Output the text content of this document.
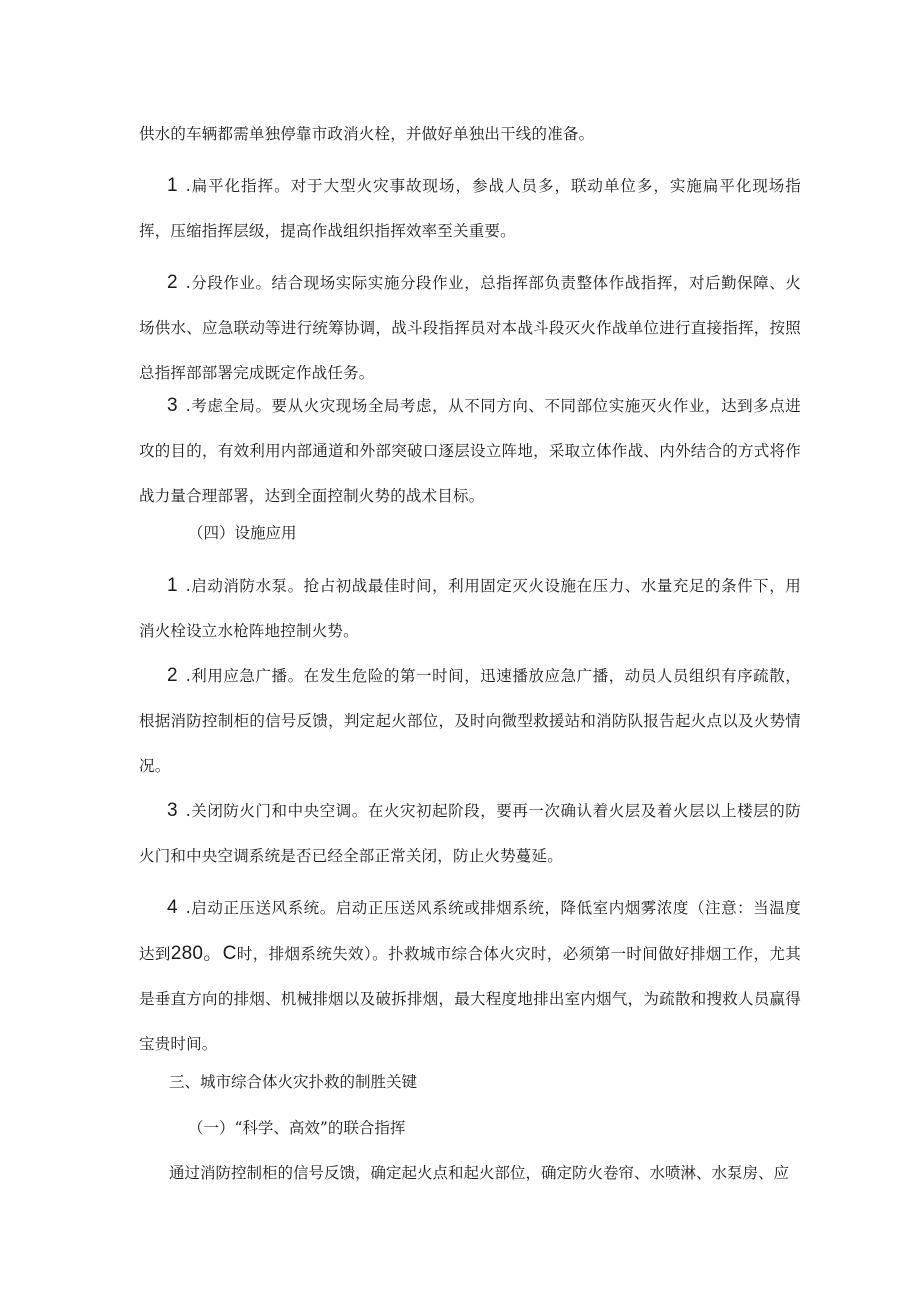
供水的车辆都需单独停靠市政消火栓，并做好单独出干线的准备。

1 .扁平化指挥。对于大型火灾事故现场，参战人员多，联动单位多，实施扁平化现场指挥，压缩指挥层级，提高作战组织指挥效率至关重要。

2 .分段作业。结合现场实际实施分段作业，总指挥部负责整体作战指挥，对后勤保障、火场供水、应急联动等进行统筹协调，战斗段指挥员对本战斗段灭火作战单位进行直接指挥，按照总指挥部部署完成既定作战任务。

3 .考虑全局。要从火灾现场全局考虑，从不同方向、不同部位实施灭火作业，达到多点进攻的目的，有效利用内部通道和外部突破口逐层设立阵地，采取立体作战、内外结合的方式将作战力量合理部署，达到全面控制火势的战术目标。

（四）设施应用

1 .启动消防水泵。抢占初战最佳时间，利用固定灭火设施在压力、水量充足的条件下，用消火栓设立水枪阵地控制火势。

2 .利用应急广播。在发生危险的第一时间，迅速播放应急广播，动员人员组织有序疏散，根据消防控制柜的信号反馈，判定起火部位，及时向微型救援站和消防队报告起火点以及火势情况。

3 .关闭防火门和中央空调。在火灾初起阶段，要再一次确认着火层及着火层以上楼层的防火门和中央空调系统是否已经全部正常关闭，防止火势蔓延。

4 .启动正压送风系统。启动正压送风系统或排烟系统，降低室内烟雾浓度（注意：当温度达到280。C时，排烟系统失效）。扑救城市综合体火灾时，必须第一时间做好排烟工作，尤其是垂直方向的排烟、机械排烟以及破拆排烟，最大程度地排出室内烟气，为疏散和搜救人员赢得宝贵时间。

三、城市综合体火灾扑救的制胜关键

（一）“科学、高效”的联合指挥

通过消防控制柜的信号反馈，确定起火点和起火部位，确定防火卷帘、水喷淋、水泵房、应
